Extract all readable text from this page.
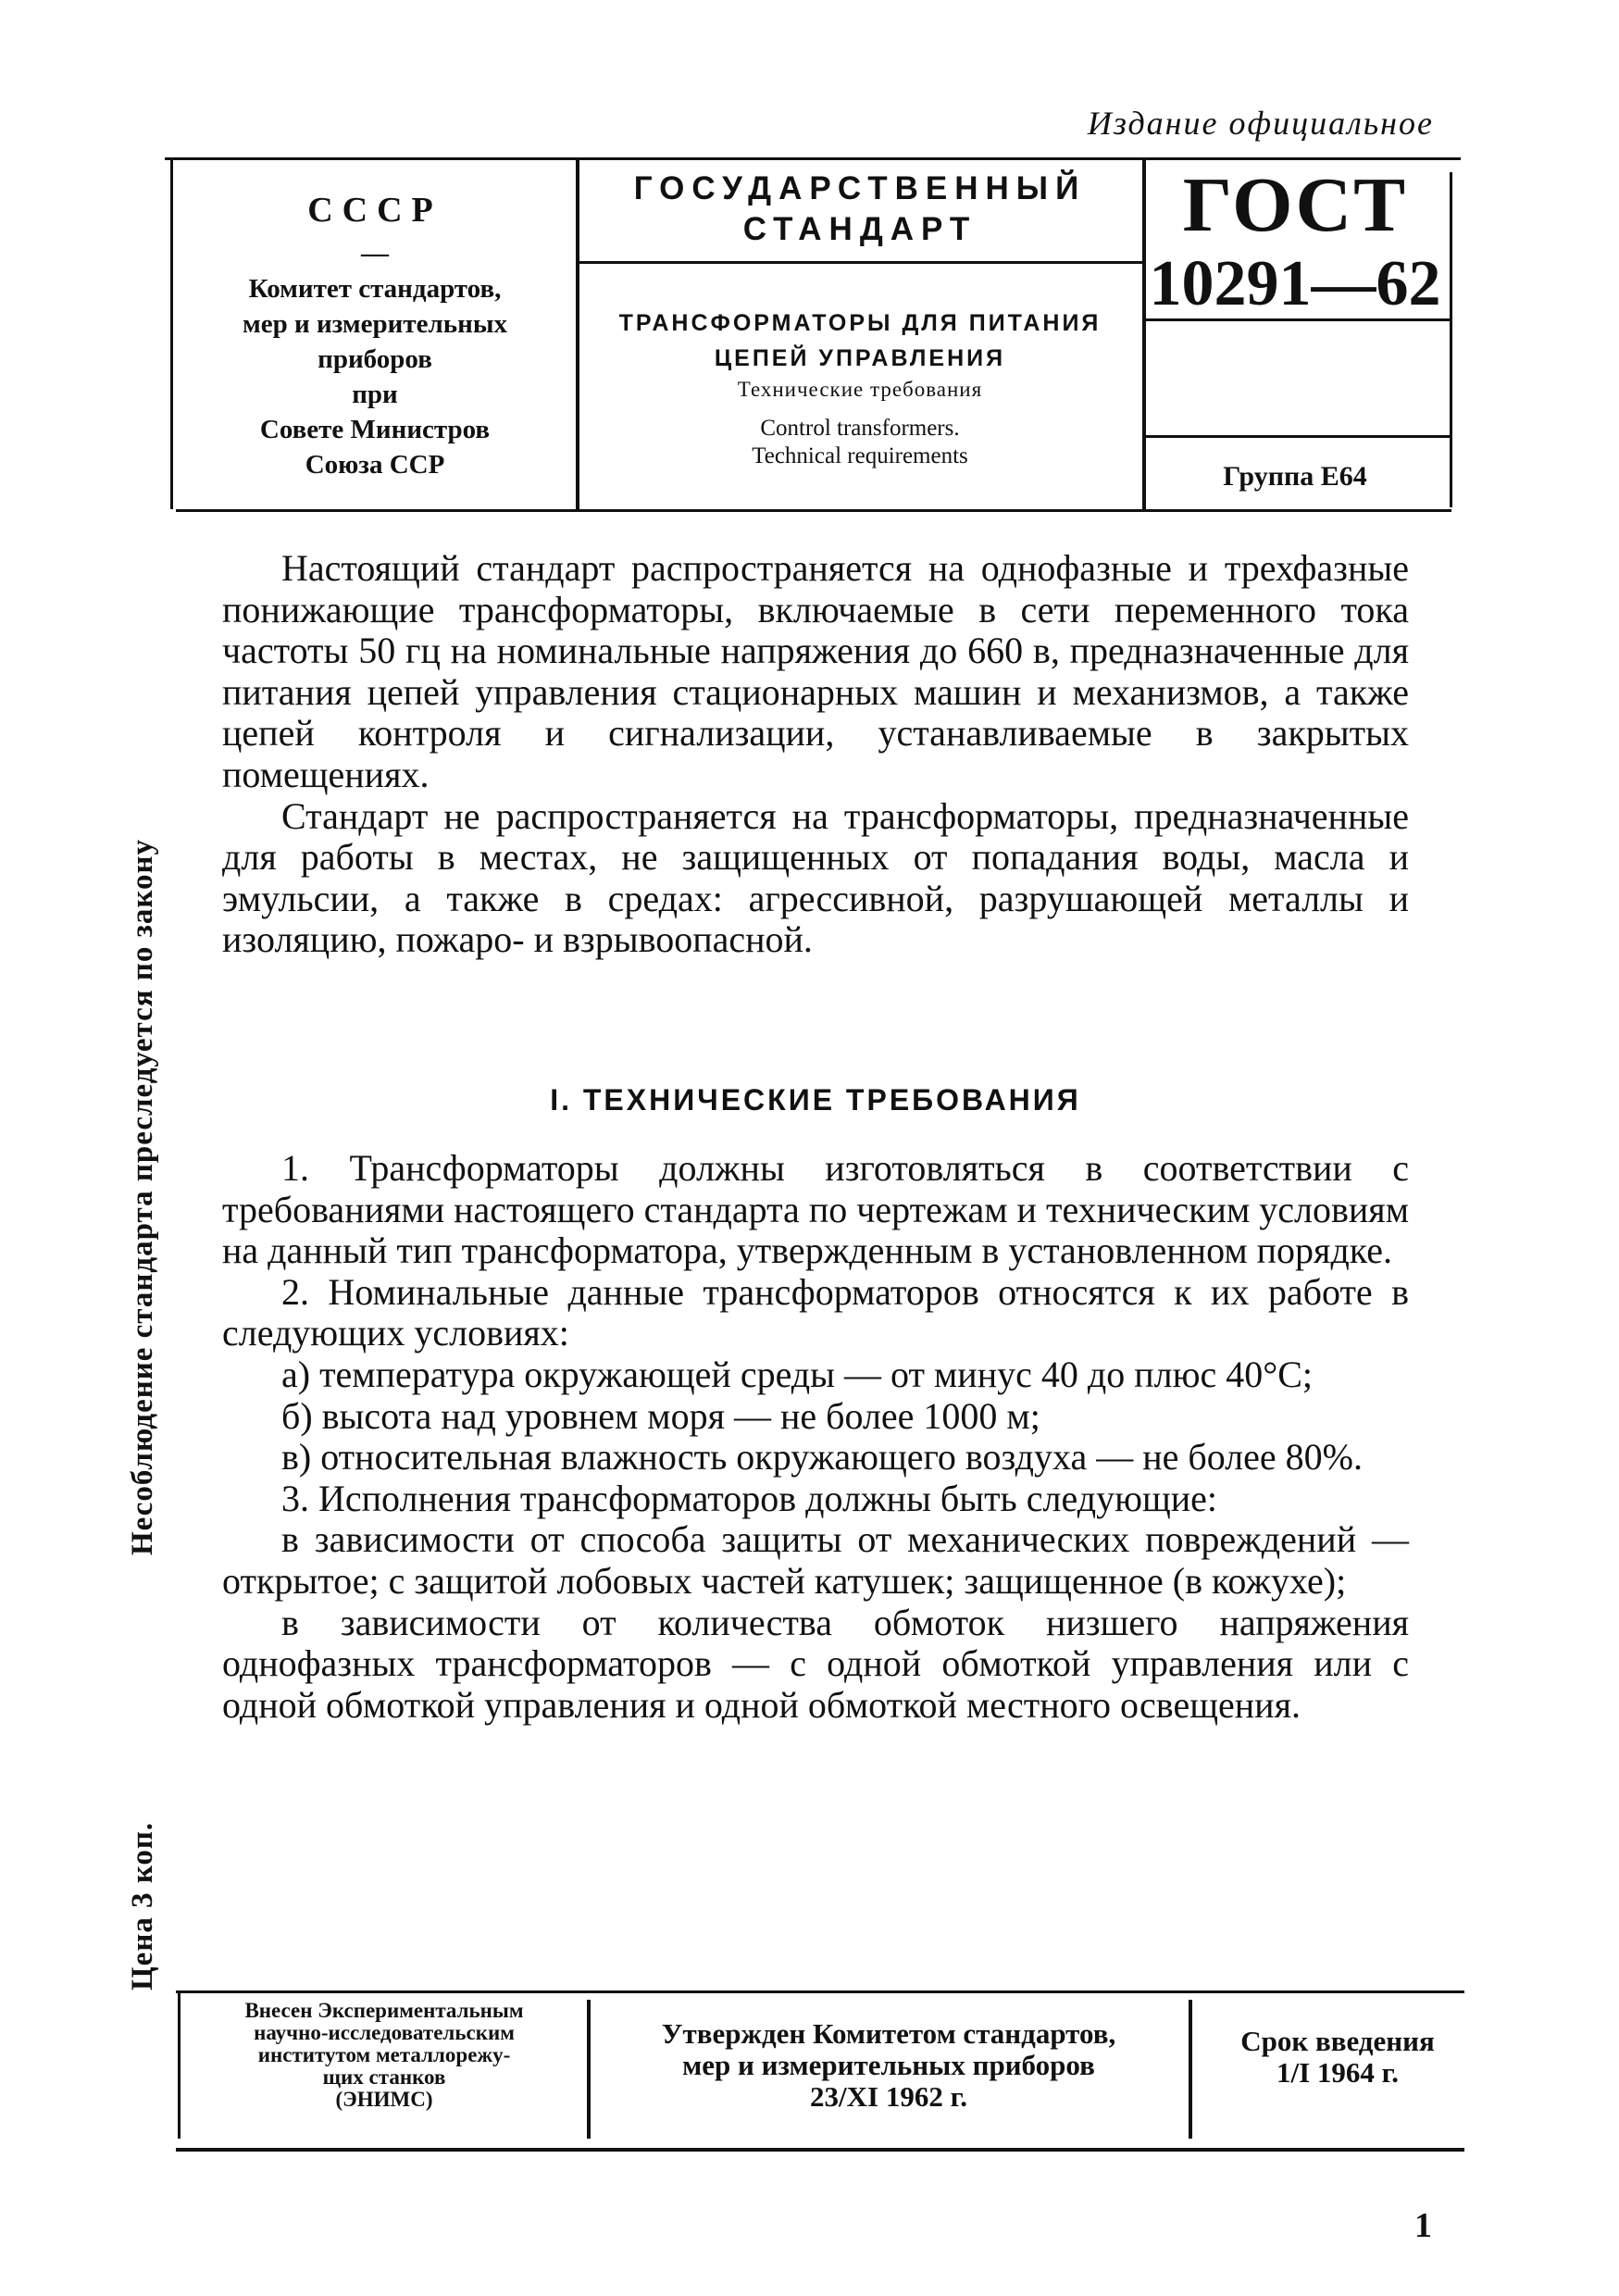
Издание официальное
СССР
—
Комитет стандартов,
мер и измерительных
приборов
при
Совете Министров
Союза ССР
ГОСУДАРСТВЕННЫЙ
СТАНДАРТ
ТРАНСФОРМАТОРЫ ДЛЯ ПИТАНИЯ
ЦЕПЕЙ УПРАВЛЕНИЯ
Технические требования
Control transformers.
Technical requirements
ГОСТ
10291—62
Группа Е64
Цена 3 коп.
Несоблюдение стандарта преследуется по закону

Настоящий стандарт распространяется на однофазные и трехфазные понижающие трансформаторы, включаемые в сети переменного тока частоты 50 гц на номинальные напряжения до 660 в, предназначенные для питания цепей управления стационарных машин и механизмов, а также цепей контроля и сигнализации, устанавливаемые в закрытых помещениях.

Стандарт не распространяется на трансформаторы, предназначенные для работы в местах, не защищенных от попадания воды, масла и эмульсии, а также в средах: агрессивной, разрушающей металлы и изоляцию, пожаро- и взрывоопасной.

I. ТЕХНИЧЕСКИЕ ТРЕБОВАНИЯ

1. Трансформаторы должны изготовляться в соответствии с требованиями настоящего стандарта по чертежам и техническим условиям на данный тип трансформатора, утвержденным в установленном порядке.

2. Номинальные данные трансформаторов относятся к их работе в следующих условиях:

а) температура окружающей среды — от минус 40 до плюс 40°С;

б) высота над уровнем моря — не более 1000 м;

в) относительная влажность окружающего воздуха — не более 80%.

3. Исполнения трансформаторов должны быть следующие:

в зависимости от способа защиты от механических повреждений — открытое; с защитой лобовых частей катушек; защищенное (в кожухе);

в зависимости от количества обмоток низшего напряжения однофазных трансформаторов — с одной обмоткой управления или с одной обмоткой управления и одной обмоткой местного освещения.

Внесен Экспериментальным
научно-исследовательским
институтом металлорежу-
щих станков
(ЭНИМС)
Утвержден Комитетом стандартов,
мер и измерительных приборов
23/XI 1962 г.
Срок введения
1/I 1964 г.
1
